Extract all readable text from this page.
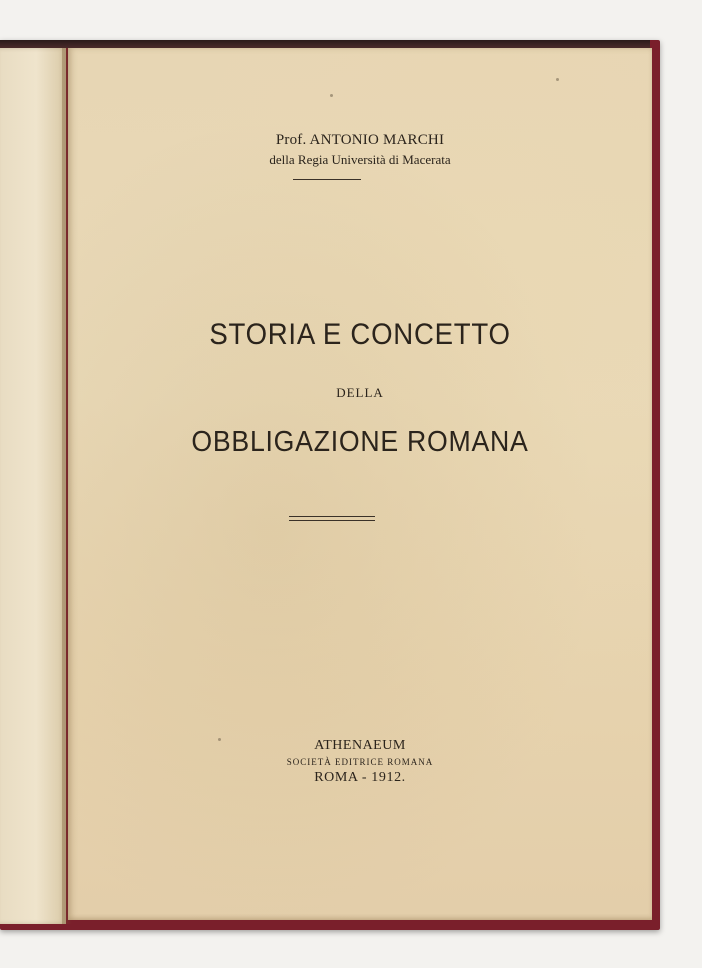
Prof. ANTONIO MARCHI
della Regia Università di Macerata
STORIA E CONCETTO
DELLA
OBBLIGAZIONE ROMANA
ATHENAEUM
SOCIETÀ EDITRICE ROMANA
ROMA - 1912.
